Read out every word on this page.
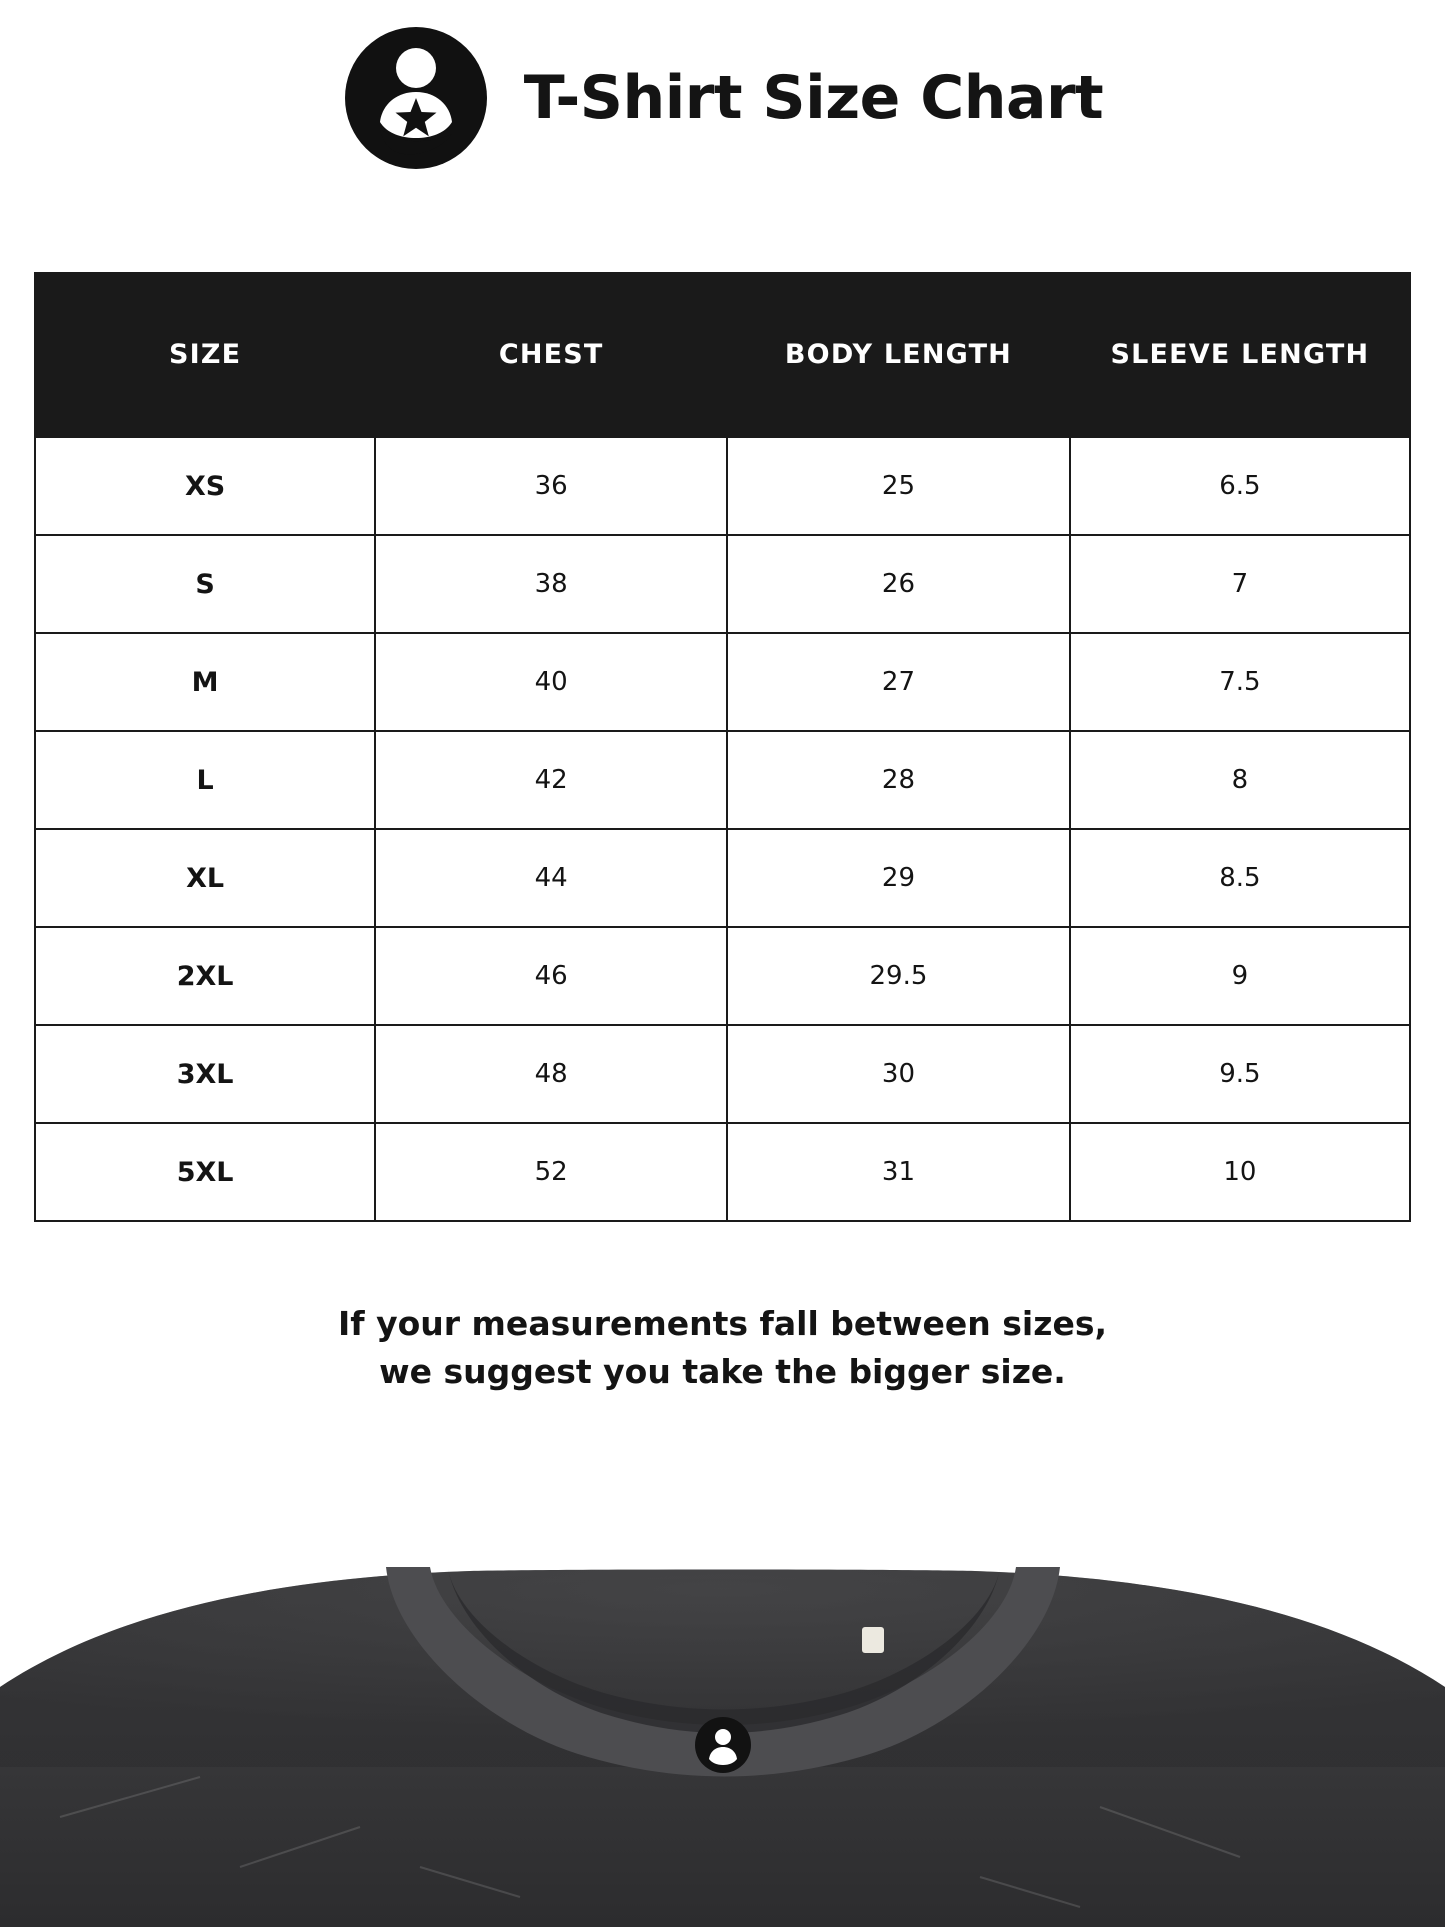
T-Shirt Size Chart
SIZE	CHEST	BODY LENGTH	SLEEVE LENGTH
XS	36	25	6.5
S	38	26	7
M	40	27	7.5
L	42	28	8
XL	44	29	8.5
2XL	46	29.5	9
3XL	48	30	9.5
5XL	52	31	10
If your measurements fall between sizes,
we suggest you take the bigger size.
